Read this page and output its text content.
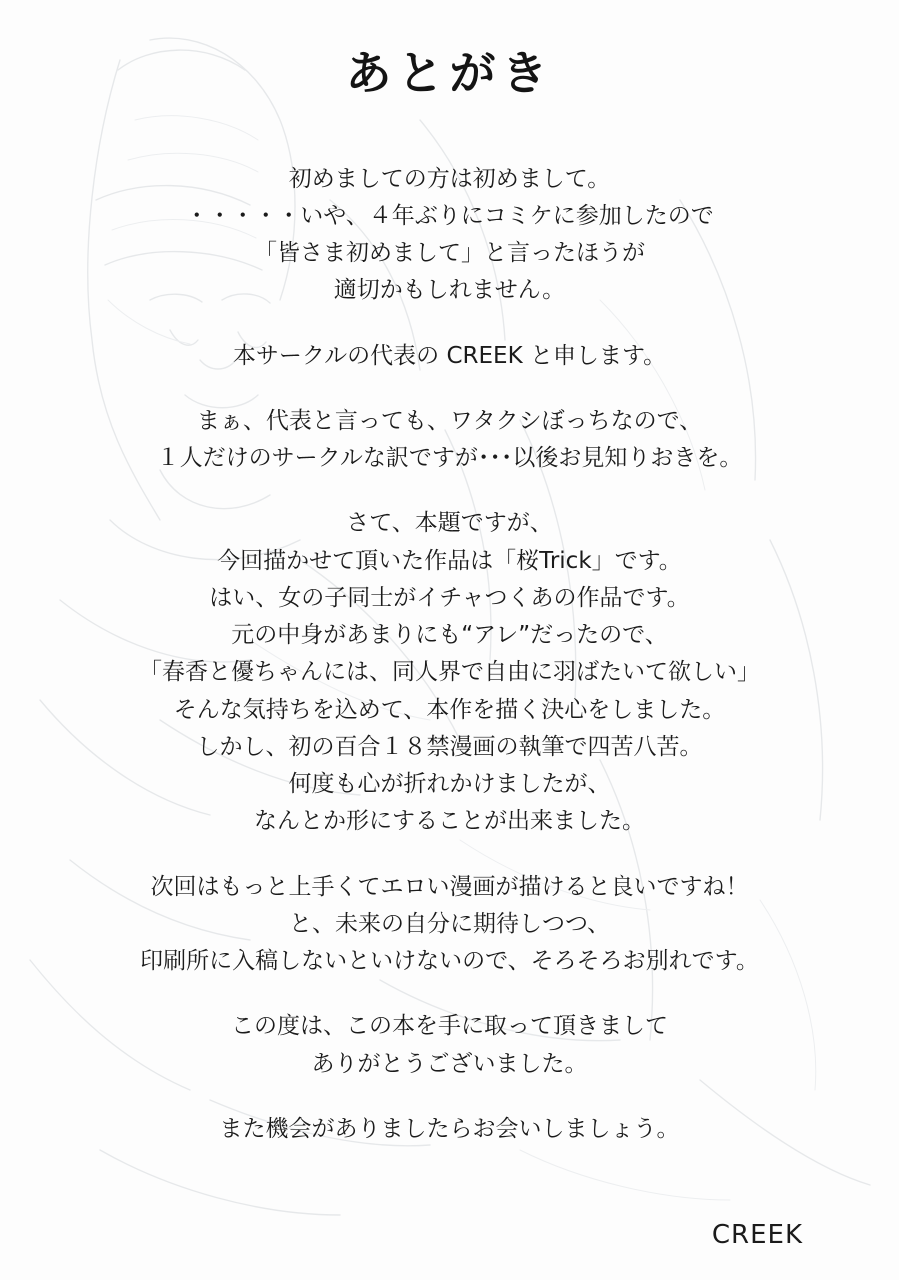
あとがき
初めましての方は初めまして。
・・・・・いや、４年ぶりにコミケに参加したので
「皆さま初めまして」と言ったほうが
適切かもしれません。
本サークルの代表の CREEK と申します。
まぁ、代表と言っても、ワタクシぼっちなので、
１人だけのサークルな訳ですが･･･以後お見知りおきを。
さて、本題ですが、
今回描かせて頂いた作品は「桜Trick」です。
はい、女の子同士がイチャつくあの作品です。
元の中身があまりにも“アレ”だったので、
「春香と優ちゃんには、同人界で自由に羽ばたいて欲しい」
そんな気持ちを込めて、本作を描く決心をしました。
しかし、初の百合１８禁漫画の執筆で四苦八苦。
何度も心が折れかけましたが、
なんとか形にすることが出来ました。
次回はもっと上手くてエロい漫画が描けると良いですね！
と、未来の自分に期待しつつ、
印刷所に入稿しないといけないので、そろそろお別れです。
この度は、この本を手に取って頂きまして
ありがとうございました。
また機会がありましたらお会いしましょう。
CREEK
